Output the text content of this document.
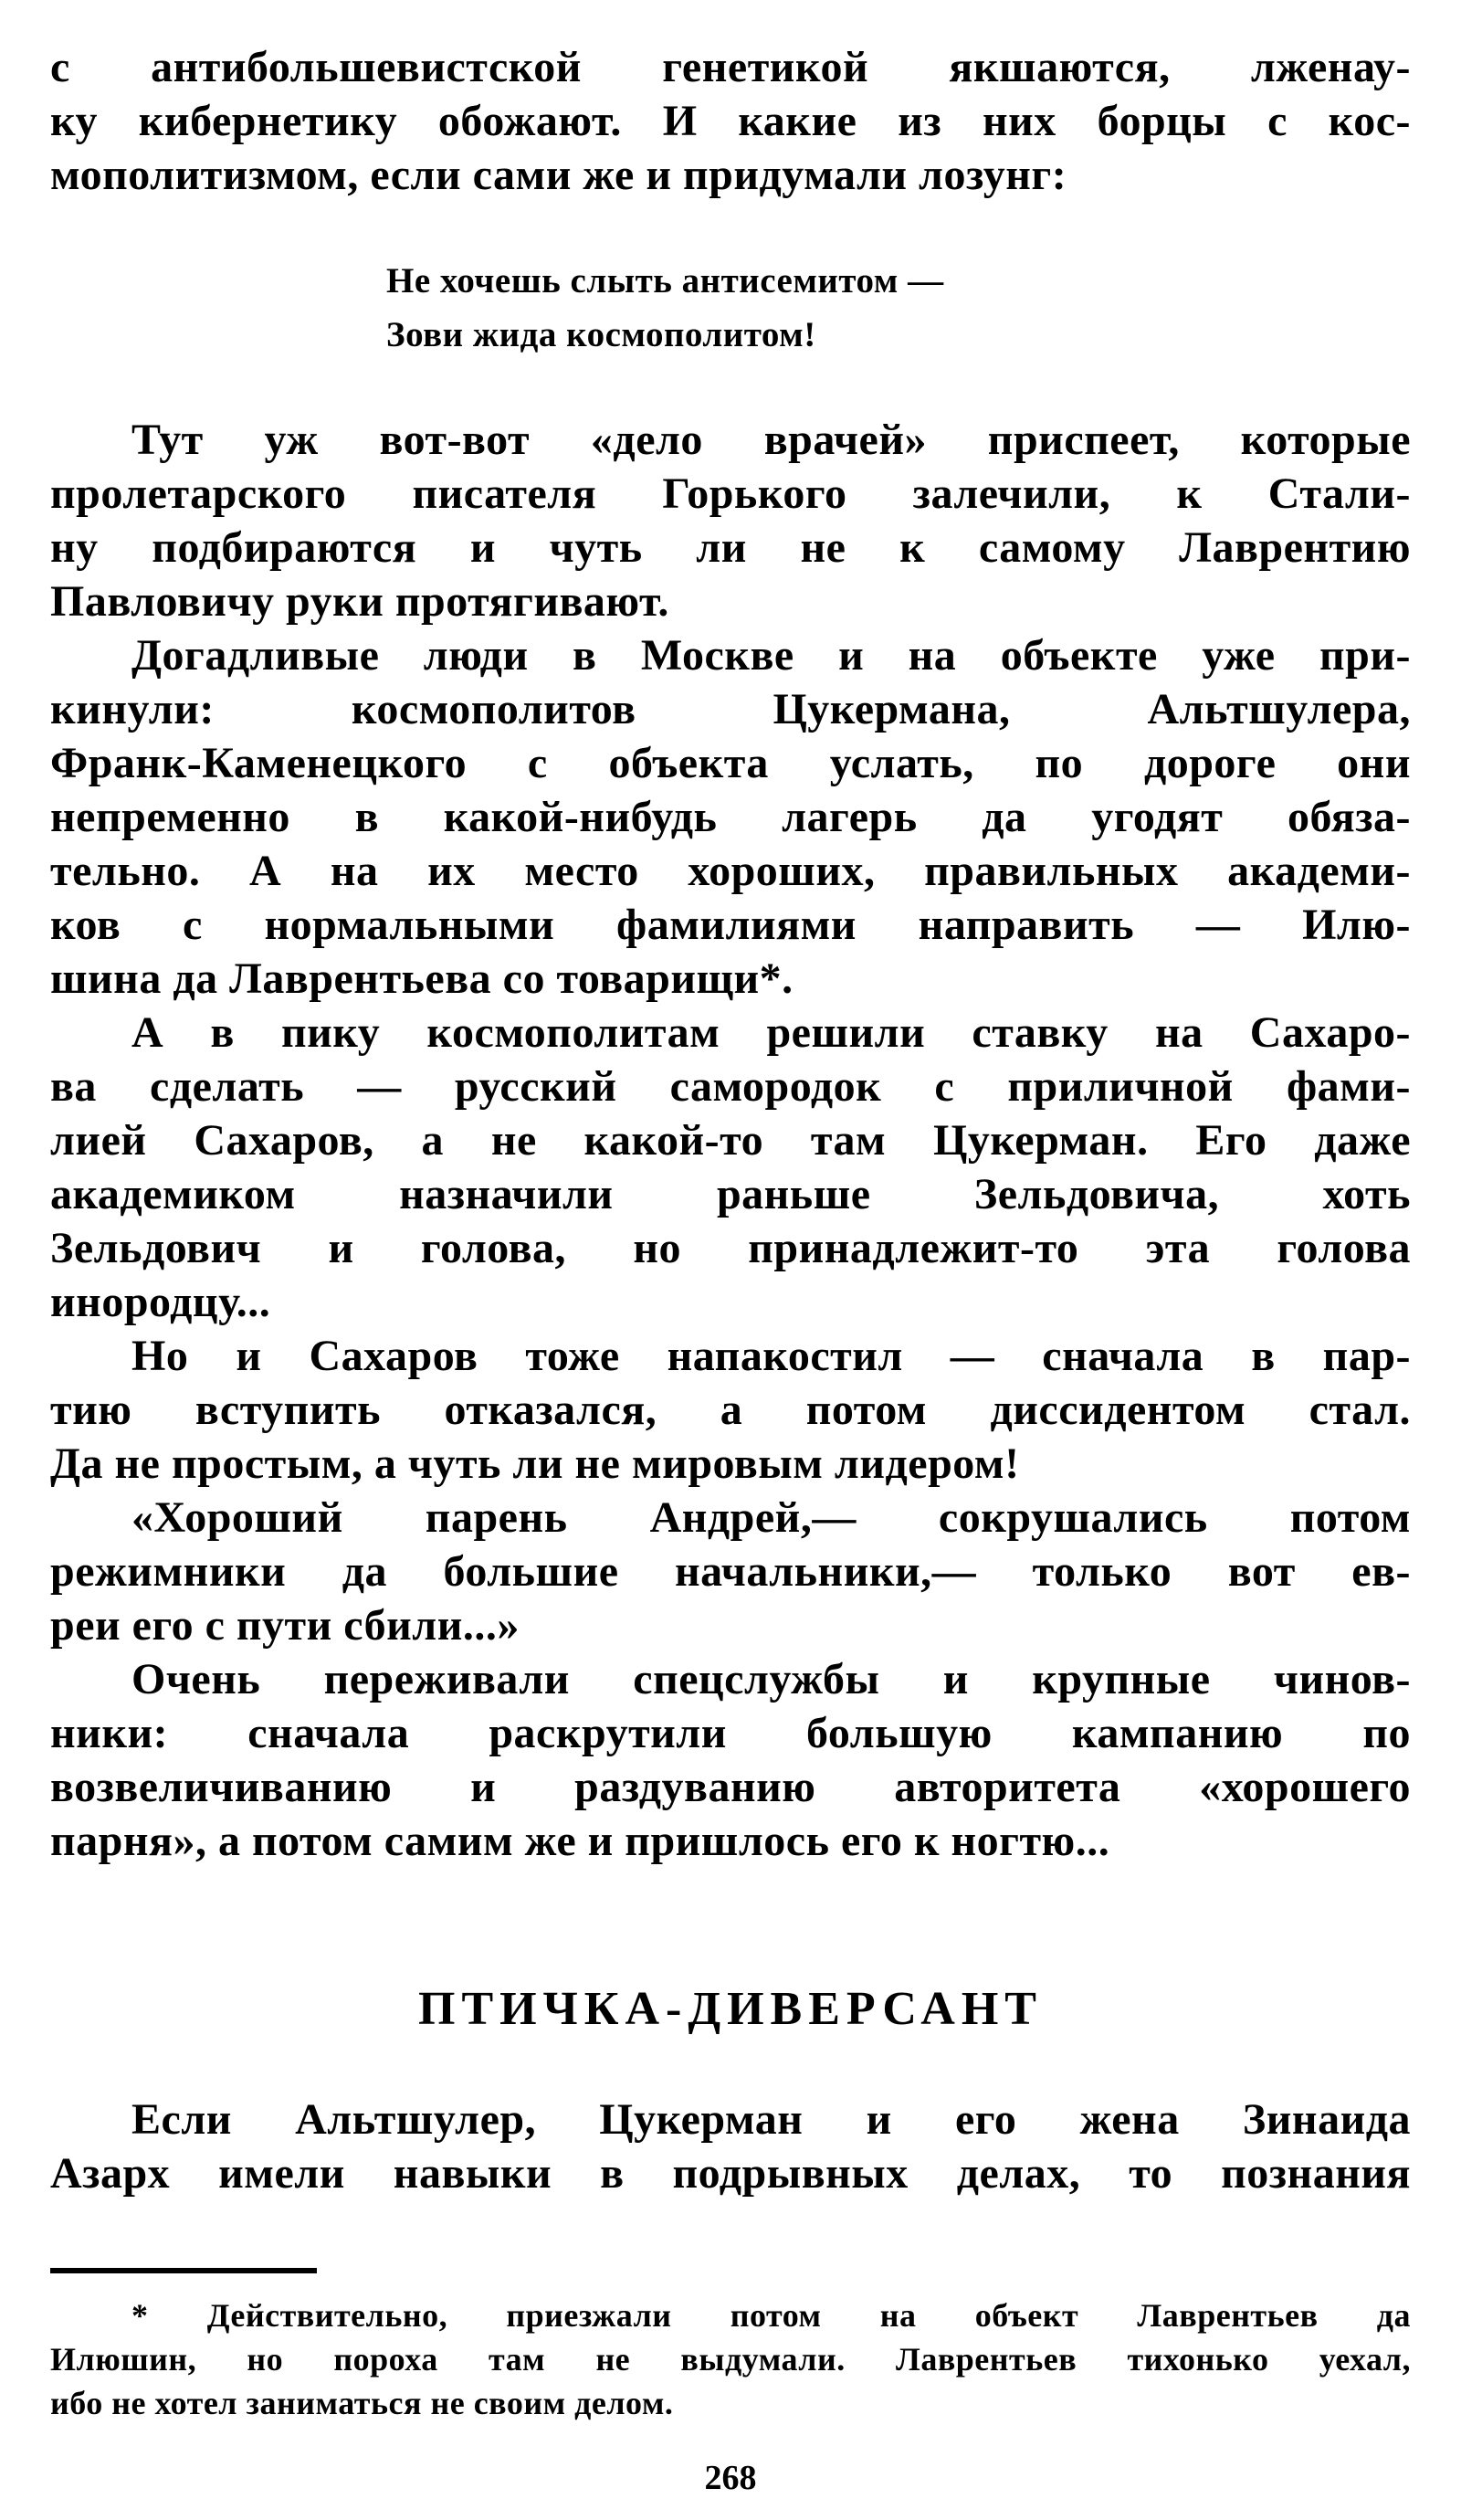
с антибольшевистской генетикой якшаются, лженау-
ку кибернетику обожают. И какие из них борцы с кос-
мополитизмом, если сами же и придумали лозунг:
Не хочешь слыть антисемитом —
Зови жида космополитом!
Тут уж вот-вот «дело врачей» приспеет, которые
пролетарского писателя Горького залечили, к Стали-
ну подбираются и чуть ли не к самому Лаврентию
Павловичу руки протягивают.
Догадливые люди в Москве и на объекте уже при-
кинули: космополитов Цукермана, Альтшулера,
Франк-Каменецкого с объекта услать, по дороге они
непременно в какой-нибудь лагерь да угодят обяза-
тельно. А на их место хороших, правильных академи-
ков с нормальными фамилиями направить — Илю-
шина да Лаврентьева со товарищи*.
А в пику космополитам решили ставку на Сахаро-
ва сделать — русский самородок с приличной фами-
лией Сахаров, а не какой-то там Цукерман. Его даже
академиком назначили раньше Зельдовича, хоть
Зельдович и голова, но принадлежит-то эта голова
инородцу...
Но и Сахаров тоже напакостил — сначала в пар-
тию вступить отказался, а потом диссидентом стал.
Да не простым, а чуть ли не мировым лидером!
«Хороший парень Андрей,— сокрушались потом
режимники да большие начальники,— только вот ев-
реи его с пути сбили...»
Очень переживали спецслужбы и крупные чинов-
ники: сначала раскрутили большую кампанию по
возвеличиванию и раздуванию авторитета «хорошего
парня», а потом самим же и пришлось его к ногтю...
ПТИЧКА-ДИВЕРСАНТ
Если Альтшулер, Цукерман и его жена Зинаида
Азарх имели навыки в подрывных делах, то познания
* Действительно, приезжали потом на объект Лаврентьев да
Илюшин, но пороха там не выдумали. Лаврентьев тихонько уехал,
ибо не хотел заниматься не своим делом.
268
